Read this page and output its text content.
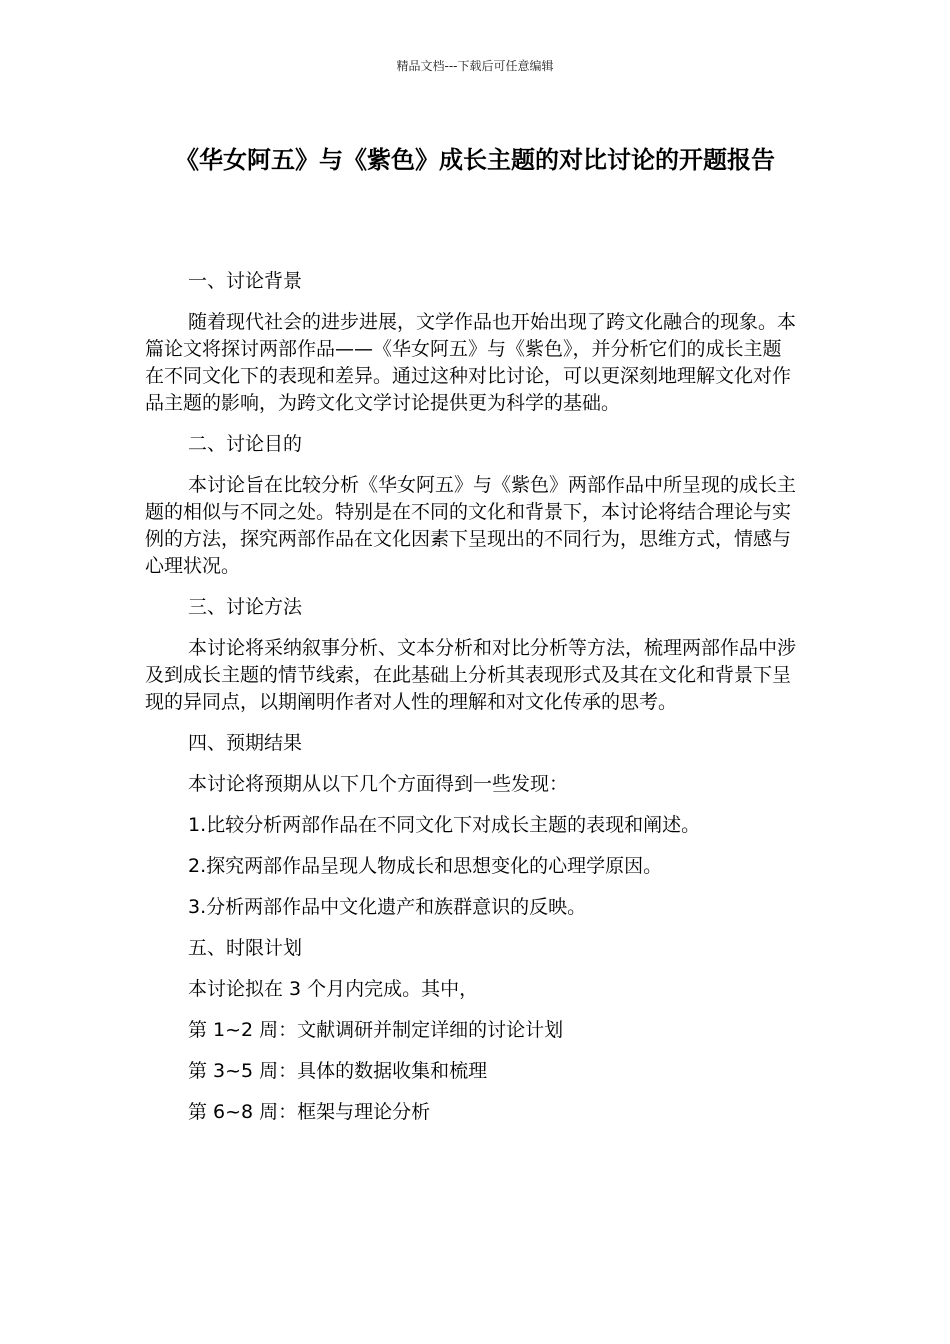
精品文档---下载后可任意编辑
《华女阿五》与《紫色》成长主题的对比讨论的开题报告

一、讨论背景

随着现代社会的进步进展，文学作品也开始出现了跨文化融合的现象。本篇论文将探讨两部作品——《华女阿五》与《紫色》，并分析它们的成长主题在不同文化下的表现和差异。通过这种对比讨论，可以更深刻地理解文化对作品主题的影响，为跨文化文学讨论提供更为科学的基础。

二、讨论目的

本讨论旨在比较分析《华女阿五》与《紫色》两部作品中所呈现的成长主题的相似与不同之处。特别是在不同的文化和背景下，本讨论将结合理论与实例的方法，探究两部作品在文化因素下呈现出的不同行为，思维方式，情感与心理状况。

三、讨论方法

本讨论将采纳叙事分析、文本分析和对比分析等方法，梳理两部作品中涉及到成长主题的情节线索，在此基础上分析其表现形式及其在文化和背景下呈现的异同点，以期阐明作者对人性的理解和对文化传承的思考。

四、预期结果

本讨论将预期从以下几个方面得到一些发现：

1.比较分析两部作品在不同文化下对成长主题的表现和阐述。

2.探究两部作品呈现人物成长和思想变化的心理学原因。

3.分析两部作品中文化遗产和族群意识的反映。

五、时限计划

本讨论拟在 3 个月内完成。其中，

第 1~2 周：文献调研并制定详细的讨论计划

第 3~5 周：具体的数据收集和梳理

第 6~8 周：框架与理论分析
